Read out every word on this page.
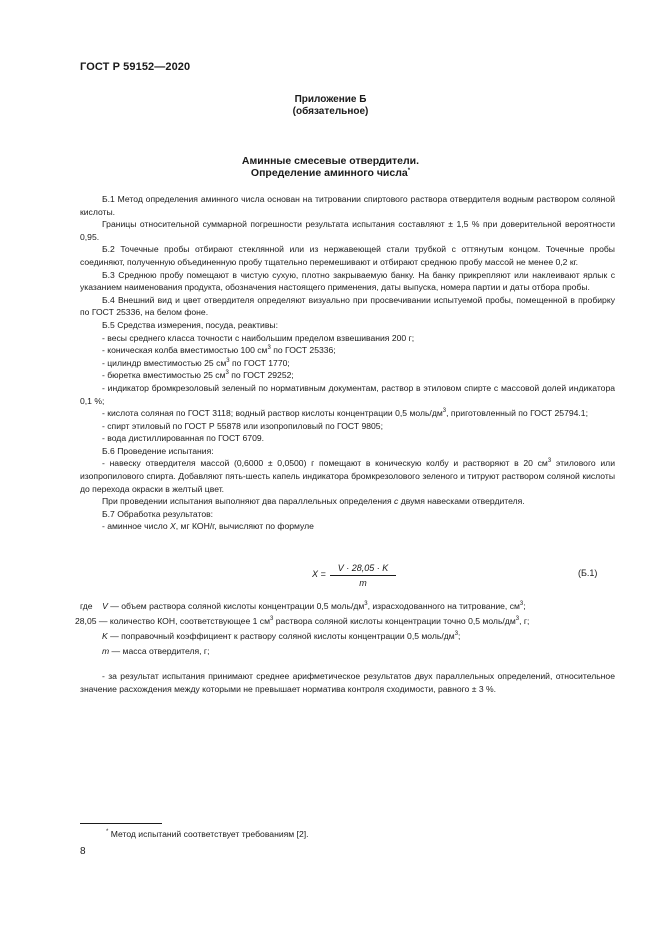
ГОСТ Р 59152—2020
Приложение Б
(обязательное)
Аминные смесевые отвердители.
Определение аминного числа*

Б.1 Метод определения аминного числа основан на титровании спиртового раствора отвердителя водным раствором соляной кислоты.

Границы относительной суммарной погрешности результата испытания составляют ± 1,5 % при доверительной вероятности 0,95.

Б.2 Точечные пробы отбирают стеклянной или из нержавеющей стали трубкой с оттянутым концом. Точечные пробы соединяют, полученную объединенную пробу тщательно перемешивают и отбирают среднюю пробу массой не менее 0,2 кг.

Б.3 Среднюю пробу помещают в чистую сухую, плотно закрываемую банку. На банку прикрепляют или наклеивают ярлык с указанием наименования продукта, обозначения настоящего применения, даты выпуска, номера партии и даты отбора пробы.

Б.4 Внешний вид и цвет отвердителя определяют визуально при просвечивании испытуемой пробы, помещенной в пробирку по ГОСТ 25336, на белом фоне.

Б.5 Средства измерения, посуда, реактивы:

- весы среднего класса точности с наибольшим пределом взвешивания 200 г;

- коническая колба вместимостью 100 $см^3$ по ГОСТ 25336;

- цилиндр вместимостью 25 $см^3$ по ГОСТ 1770;

- бюретка вместимостью 25 $см^3$ по ГОСТ 29252;

- индикатор бромкрезоловый зеленый по нормативным документам, раствор в этиловом спирте с массовой долей индикатора 0,1 %;

- кислота соляная по ГОСТ 3118; водный раствор кислоты концентрации 0,5 моль/$дм^3$, приготовленный по ГОСТ 25794.1;

- спирт этиловый по ГОСТ Р 55878 или изопропиловый по ГОСТ 9805;

- вода дистиллированная по ГОСТ 6709.

Б.6 Проведение испытания:

- навеску отвердителя массой (0,6000 ± 0,0500) г помещают в коническую колбу и растворяют в 20 $см^3$ этилового или изопропилового спирта. Добавляют пять-шесть капель индикатора бромкрезолового зеленого и титруют раствором соляной кислоты до перехода окраски в желтый цвет.

При проведении испытания выполняют два параллельных определения c двумя навесками отвердителя.

Б.7 Обработка результатов:

- аминное число X, мг КОН/г, вычисляют по формуле

X =
V · 28,05 · K
m
(Б.1)
где V — объем раствора соляной кислоты концентрации 0,5 моль/$дм^3$, израсходованного на титрование, $см^3$;
28,05 — количество КОН, соответствующее 1 $см^3$ раствора соляной кислоты концентрации точно 0,5 моль/$дм^3$, г;
K — поправочный коэффициент к раствору соляной кислоты концентрации 0,5 моль/$дм^3$;
m — масса отвердителя, г;

- за результат испытания принимают среднее арифметическое результатов двух параллельных определений, относительное значение расхождения между которыми не превышает норматива контроля сходимости, равного ± 3 %.

* Метод испытаний соответствует требованиям [2].
8
